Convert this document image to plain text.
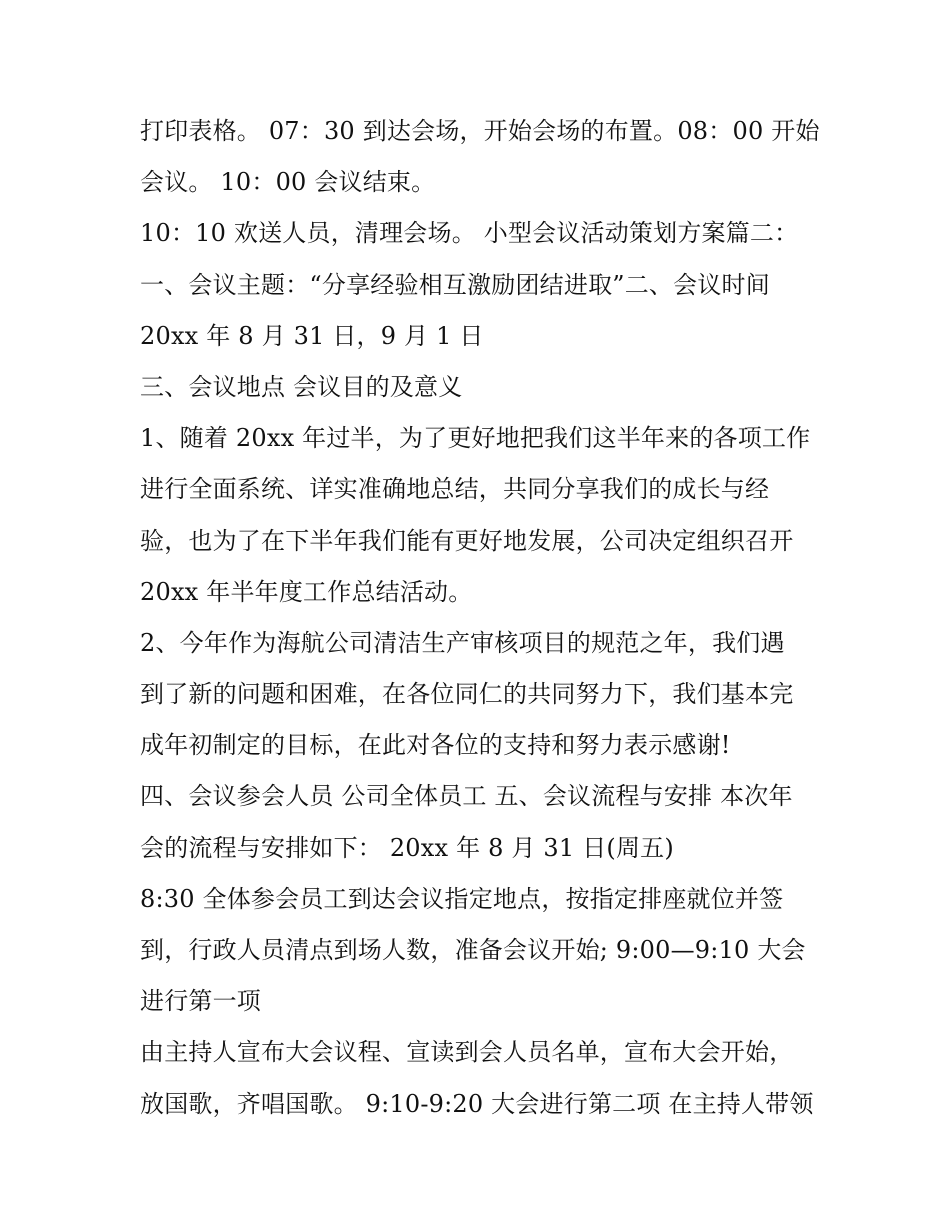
打印表格。 07：30 到达会场，开始会场的布置。08：00 开始
会议。 10：00 会议结束。
10：10 欢送人员，清理会场。 小型会议活动策划方案篇二：
一、会议主题：“分享经验相互激励团结进取”二、会议时间
20xx 年 8 月 31 日，9 月 1 日
三、会议地点 会议目的及意义
1、随着 20xx 年过半，为了更好地把我们这半年来的各项工作
进行全面系统、详实准确地总结，共同分享我们的成长与经
验，也为了在下半年我们能有更好地发展，公司决定组织召开
20xx 年半年度工作总结活动。
2、今年作为海航公司清洁生产审核项目的规范之年，我们遇
到了新的问题和困难，在各位同仁的共同努力下，我们基本完
成年初制定的目标，在此对各位的支持和努力表示感谢!
四、会议参会人员 公司全体员工 五、会议流程与安排 本次年
会的流程与安排如下： 20xx 年 8 月 31 日(周五)
8:30 全体参会员工到达会议指定地点，按指定排座就位并签
到，行政人员清点到场人数，准备会议开始; 9:00—9:10 大会
进行第一项
由主持人宣布大会议程、宣读到会人员名单，宣布大会开始，
放国歌，齐唱国歌。 9:10-9:20 大会进行第二项 在主持人带领
